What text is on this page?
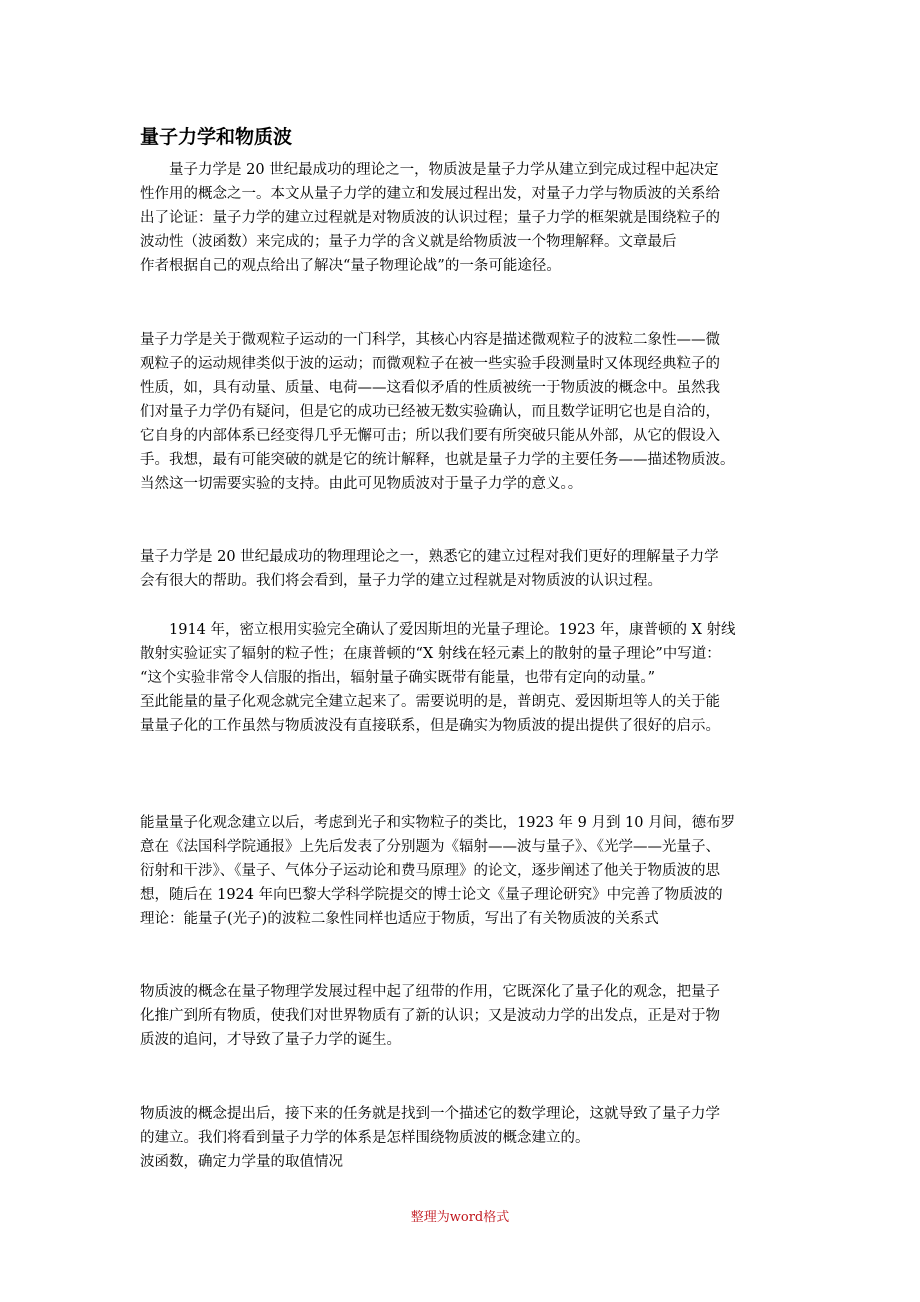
量子力学和物质波
量子力学是 20 世纪最成功的理论之一，物质波是量子力学从建立到完成过程中起决定
性作用的概念之一。本文从量子力学的建立和发展过程出发，对量子力学与物质波的关系给
出了论证：量子力学的建立过程就是对物质波的认识过程；量子力学的框架就是围绕粒子的
波动性（波函数）来完成的；量子力学的含义就是给物质波一个物理解释。文章最后
作者根据自己的观点给出了解决“量子物理论战”的一条可能途径。
量子力学是关于微观粒子运动的一门科学，其核心内容是描述微观粒子的波粒二象性——微
观粒子的运动规律类似于波的运动；而微观粒子在被一些实验手段测量时又体现经典粒子的
性质，如，具有动量、质量、电荷——这看似矛盾的性质被统一于物质波的概念中。虽然我
们对量子力学仍有疑问，但是它的成功已经被无数实验确认，而且数学证明它也是自洽的，
它自身的内部体系已经变得几乎无懈可击；所以我们要有所突破只能从外部，从它的假设入
手。我想，最有可能突破的就是它的统计解释，也就是量子力学的主要任务——描述物质波。
当然这一切需要实验的支持。由此可见物质波对于量子力学的意义。。
量子力学是 20 世纪最成功的物理理论之一，熟悉它的建立过程对我们更好的理解量子力学
会有很大的帮助。我们将会看到，量子力学的建立过程就是对物质波的认识过程。
1914 年，密立根用实验完全确认了爱因斯坦的光量子理论。1923 年，康普顿的 X 射线
散射实验证实了辐射的粒子性；在康普顿的“X 射线在轻元素上的散射的量子理论”中写道：
“这个实验非常令人信服的指出，辐射量子确实既带有能量，也带有定向的动量。”
至此能量的量子化观念就完全建立起来了。需要说明的是，普朗克、爱因斯坦等人的关于能
量量子化的工作虽然与物质波没有直接联系，但是确实为物质波的提出提供了很好的启示。
能量量子化观念建立以后，考虑到光子和实物粒子的类比，1923 年 9 月到 10 月间，德布罗
意在《法国科学院通报》上先后发表了分别题为《辐射——波与量子》、《光学——光量子、
衍射和干涉》、《量子、气体分子运动论和费马原理》的论文，逐步阐述了他关于物质波的思
想，随后在 1924 年向巴黎大学科学院提交的博士论文《量子理论研究》中完善了物质波的
理论：能量子(光子)的波粒二象性同样也适应于物质，写出了有关物质波的关系式
物质波的概念在量子物理学发展过程中起了纽带的作用，它既深化了量子化的观念，把量子
化推广到所有物质，使我们对世界物质有了新的认识；又是波动力学的出发点，正是对于物
质波的追问，才导致了量子力学的诞生。
物质波的概念提出后，接下来的任务就是找到一个描述它的数学理论，这就导致了量子力学
的建立。我们将看到量子力学的体系是怎样围绕物质波的概念建立的。
波函数，确定力学量的取值情况
整理为word格式
